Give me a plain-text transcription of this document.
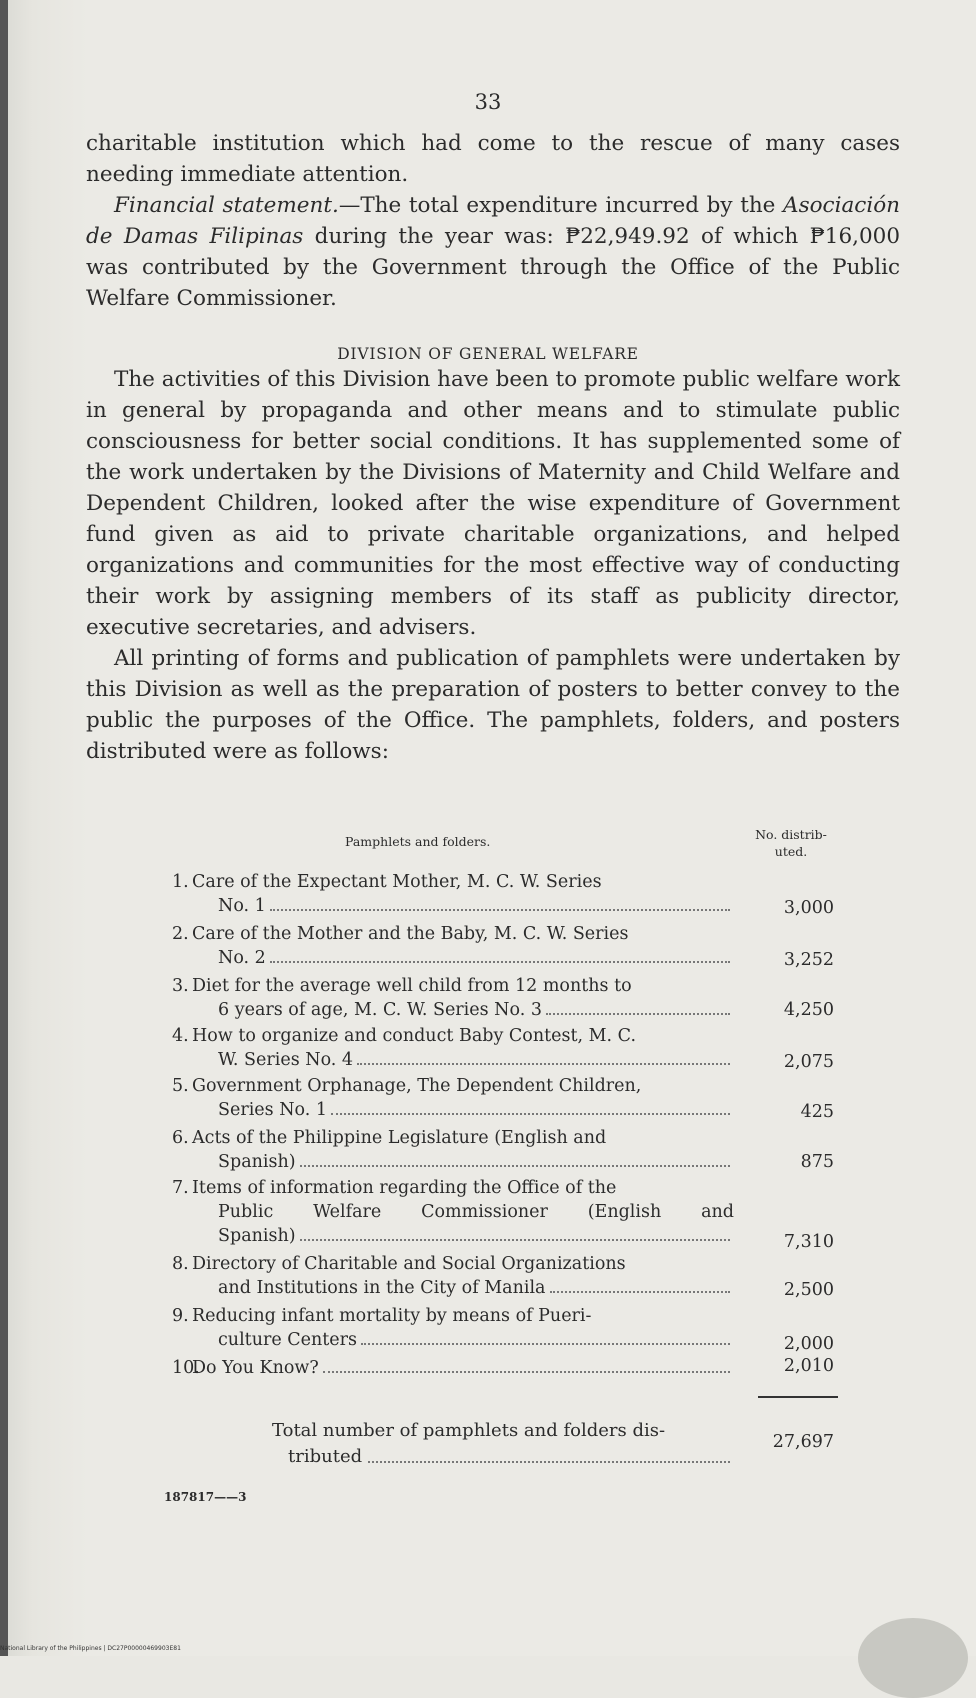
33

charitable institution which had come to the rescue of many cases needing immediate attention.

Financial statement.—The total expenditure incurred by the Asociación de Damas Filipinas during the year was: ₱22,949.92 of which ₱16,000 was contributed by the Government through the Office of the Public Welfare Commissioner.

DIVISION OF GENERAL WELFARE

The activities of this Division have been to promote public welfare work in general by propaganda and other means and to stimulate public consciousness for better social conditions. It has supplemented some of the work undertaken by the Divisions of Maternity and Child Welfare and Dependent Children, looked after the wise expenditure of Government fund given as aid to private charitable organizations, and helped organizations and communities for the most effective way of conducting their work by assigning members of its staff as publicity director, executive secretaries, and advisers.

All printing of forms and publication of pamphlets were undertaken by this Division as well as the preparation of posters to better convey to the public the purposes of the Office. The pamphlets, folders, and posters distributed were as follows:

Pamphlets and folders.	No. distrib-
uted.
1. Care of the Expectant Mother, M. C. W. Series
No. 1	3,000
2. Care of the Mother and the Baby, M. C. W. Series
No. 2	3,252
3. Diet for the average well child from 12 months to
6 years of age, M. C. W. Series No. 3	4,250
4. How to organize and conduct Baby Contest, M. C.
W. Series No. 4	2,075
5. Government Orphanage, The Dependent Children,
Series No. 1	425
6. Acts of the Philippine Legislature (English and
Spanish)	875
7. Items of information regarding the Office of the
Public Welfare Commissioner (English and
Spanish)	7,310
8. Directory of Charitable and Social Organizations
and Institutions in the City of Manila	2,500
9. Reducing infant mortality by means of Pueri-
culture Centers	2,000
10.
Do You Know?	2,010
Total number of pamphlets and folders dis-
tributed
27,697
187817——3
National Library of the Philippines | DC27P00000469903E81
